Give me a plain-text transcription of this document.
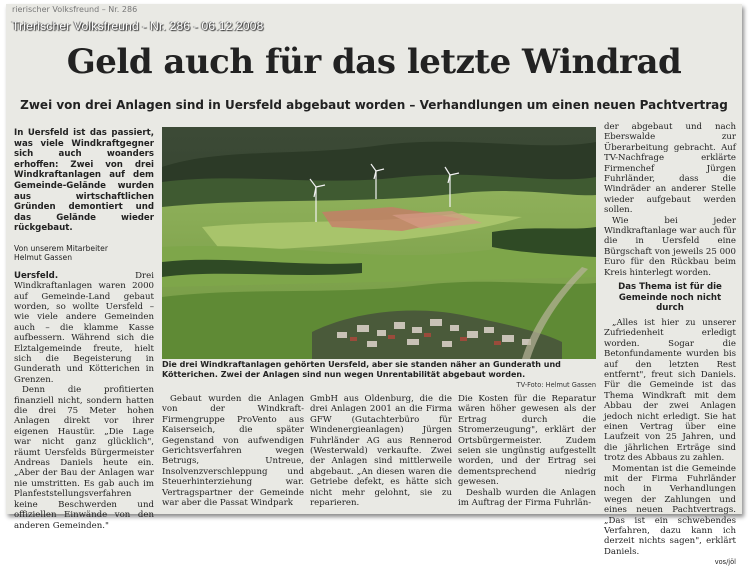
rierischer Volksfreund – Nr. 286
Trierischer Volksfreund - Nr. 286 - 06.12.2008
Geld auch für das letzte Windrad
Zwei von drei Anlagen sind in Uersfeld abgebaut worden – Verhandlungen um einen neuen Pachtvertrag
In Uersfeld ist das passiert, was viele Windkraftgegner sich auch woanders erhoffen: Zwei von drei Windkraftanlagen auf dem Gemeinde-Gelände wurden aus wirtschaftlichen Gründen demontiert und das Gelände wieder rückgebaut.
Von unserem Mitarbeiter
Helmut Gassen
Uersfeld.	Drei Windkraftanlagen waren 2000 auf Gemeinde-Land gebaut worden, so wollte Uersfeld – wie viele andere Gemeinden auch – die klamme Kasse aufbessern. Während sich die Elztalgemeinde freute, hielt sich die Begeisterung in Gunderath und Kötterichen in Grenzen.
Denn die profitierten finanziell nicht, sondern hatten die drei 75 Meter hohen Anlagen direkt vor ihrer eigenen Haustür. „Die Lage war nicht ganz glücklich", räumt Uersfelds Bürgermeister Andreas Daniels heute ein. „Aber der Bau der Anlagen war nie umstritten. Es gab auch im Planfeststellungsverfahren keine Beschwerden und offiziellen Einwände von den anderen Gemeinden."
Die drei Windkraftanlagen gehörten Uersfeld, aber sie standen näher an Gunderath und Kötterichen. Zwei der Anlagen sind nun wegen Unrentabilität abgebaut worden.
TV-Foto: Helmut Gassen
Gebaut wurden die Anlagen von der Windkraft-Firmengruppe ProVento aus Kaiserseich, die später Gegenstand von aufwendigen Gerichtsverfahren wegen Betrugs, Untreue, Insolvenzverschleppung und Steuerhinterziehung war. Vertragspartner der Gemeinde war aber die Passat Windpark
GmbH aus Oldenburg, die die drei Anlagen 2001 an die Firma GFW (Gutachterbüro für Windenergieanlagen) Jürgen Fuhrländer AG aus Rennerod (Westerwald) verkaufte. Zwei der Anlagen sind mittlerweile abgebaut. „An diesen waren die Getriebe defekt, es hätte sich nicht mehr gelohnt, sie zu reparieren.
Die Kosten für die Reparatur wären höher gewesen als der Ertrag durch die Stromerzeugung", erklärt der Ortsbürgermeister. Zudem seien sie ungünstig aufgestellt worden, und der Ertrag sei dementsprechend niedrig gewesen.
Deshalb wurden die Anlagen im Auftrag der Firma Fuhrlän-
der abgebaut und nach Eberswalde zur Überarbeitung gebracht. Auf TV-Nachfrage erklärte Firmenchef Jürgen Fuhrländer, dass die Windräder an anderer Stelle wieder aufgebaut werden sollen.
Wie bei jeder Windkraftanlage war auch für die in Uersfeld eine Bürgschaft von jeweils 25 000 Euro für den Rückbau beim Kreis hinterlegt worden.
Das Thema ist für die Gemeinde noch nicht durch
„Alles ist hier zu unserer Zufriedenheit erledigt worden. Sogar die Betonfundamente wurden bis auf den letzten Rest entfernt", freut sich Daniels. Für die Gemeinde ist das Thema Windkraft mit dem Abbau der zwei Anlagen jedoch nicht erledigt. Sie hat einen Vertrag über eine Laufzeit von 25 Jahren, und die jährlichen Erträge sind trotz des Abbaus zu zahlen.
Momentan ist die Gemeinde mit der Firma Fuhrländer noch in Verhandlungen wegen der Zahlungen und eines neuen Pachtvertrags. „Das ist ein schwebendes Verfahren, dazu kann ich derzeit nichts sagen", erklärt Daniels.
vos/jöl
